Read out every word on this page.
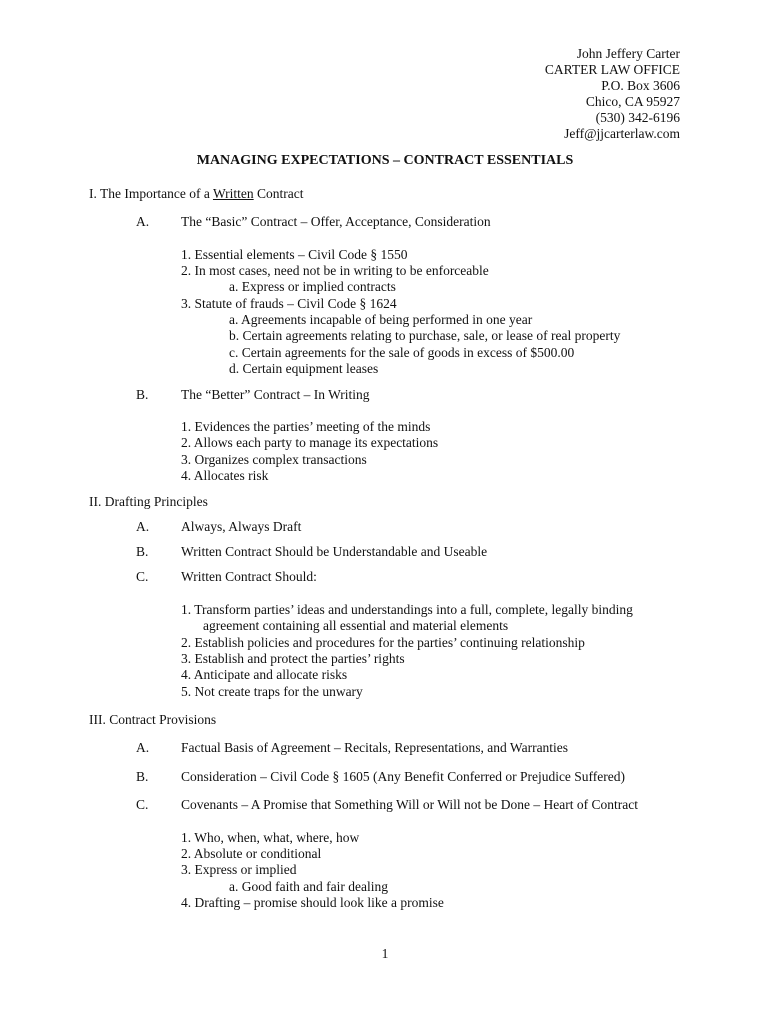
John Jeffery Carter
CARTER LAW OFFICE
P.O. Box 3606
Chico, CA 95927
(530) 342-6196
Jeff@jjcarterlaw.com
MANAGING EXPECTATIONS – CONTRACT ESSENTIALS
I. The Importance of a Written Contract
A. The “Basic” Contract – Offer, Acceptance, Consideration
1. Essential elements – Civil Code § 1550
2. In most cases, need not be in writing to be enforceable
a. Express or implied contracts
3. Statute of frauds – Civil Code § 1624
a. Agreements incapable of being performed in one year
b. Certain agreements relating to purchase, sale, or lease of real property
c. Certain agreements for the sale of goods in excess of $500.00
d. Certain equipment leases
B. The “Better” Contract – In Writing
1. Evidences the parties’ meeting of the minds
2. Allows each party to manage its expectations
3. Organizes complex transactions
4. Allocates risk
II. Drafting Principles
A. Always, Always Draft
B. Written Contract Should be Understandable and Useable
C. Written Contract Should:
1. Transform parties’ ideas and understandings into a full, complete, legally binding
agreement containing all essential and material elements
2. Establish policies and procedures for the parties’ continuing relationship
3. Establish and protect the parties’ rights
4. Anticipate and allocate risks
5. Not create traps for the unwary
III. Contract Provisions
A. Factual Basis of Agreement – Recitals, Representations, and Warranties
B. Consideration – Civil Code § 1605 (Any Benefit Conferred or Prejudice Suffered)
C. Covenants – A Promise that Something Will or Will not be Done – Heart of Contract
1. Who, when, what, where, how
2. Absolute or conditional
3. Express or implied
a. Good faith and fair dealing
4. Drafting – promise should look like a promise
1
